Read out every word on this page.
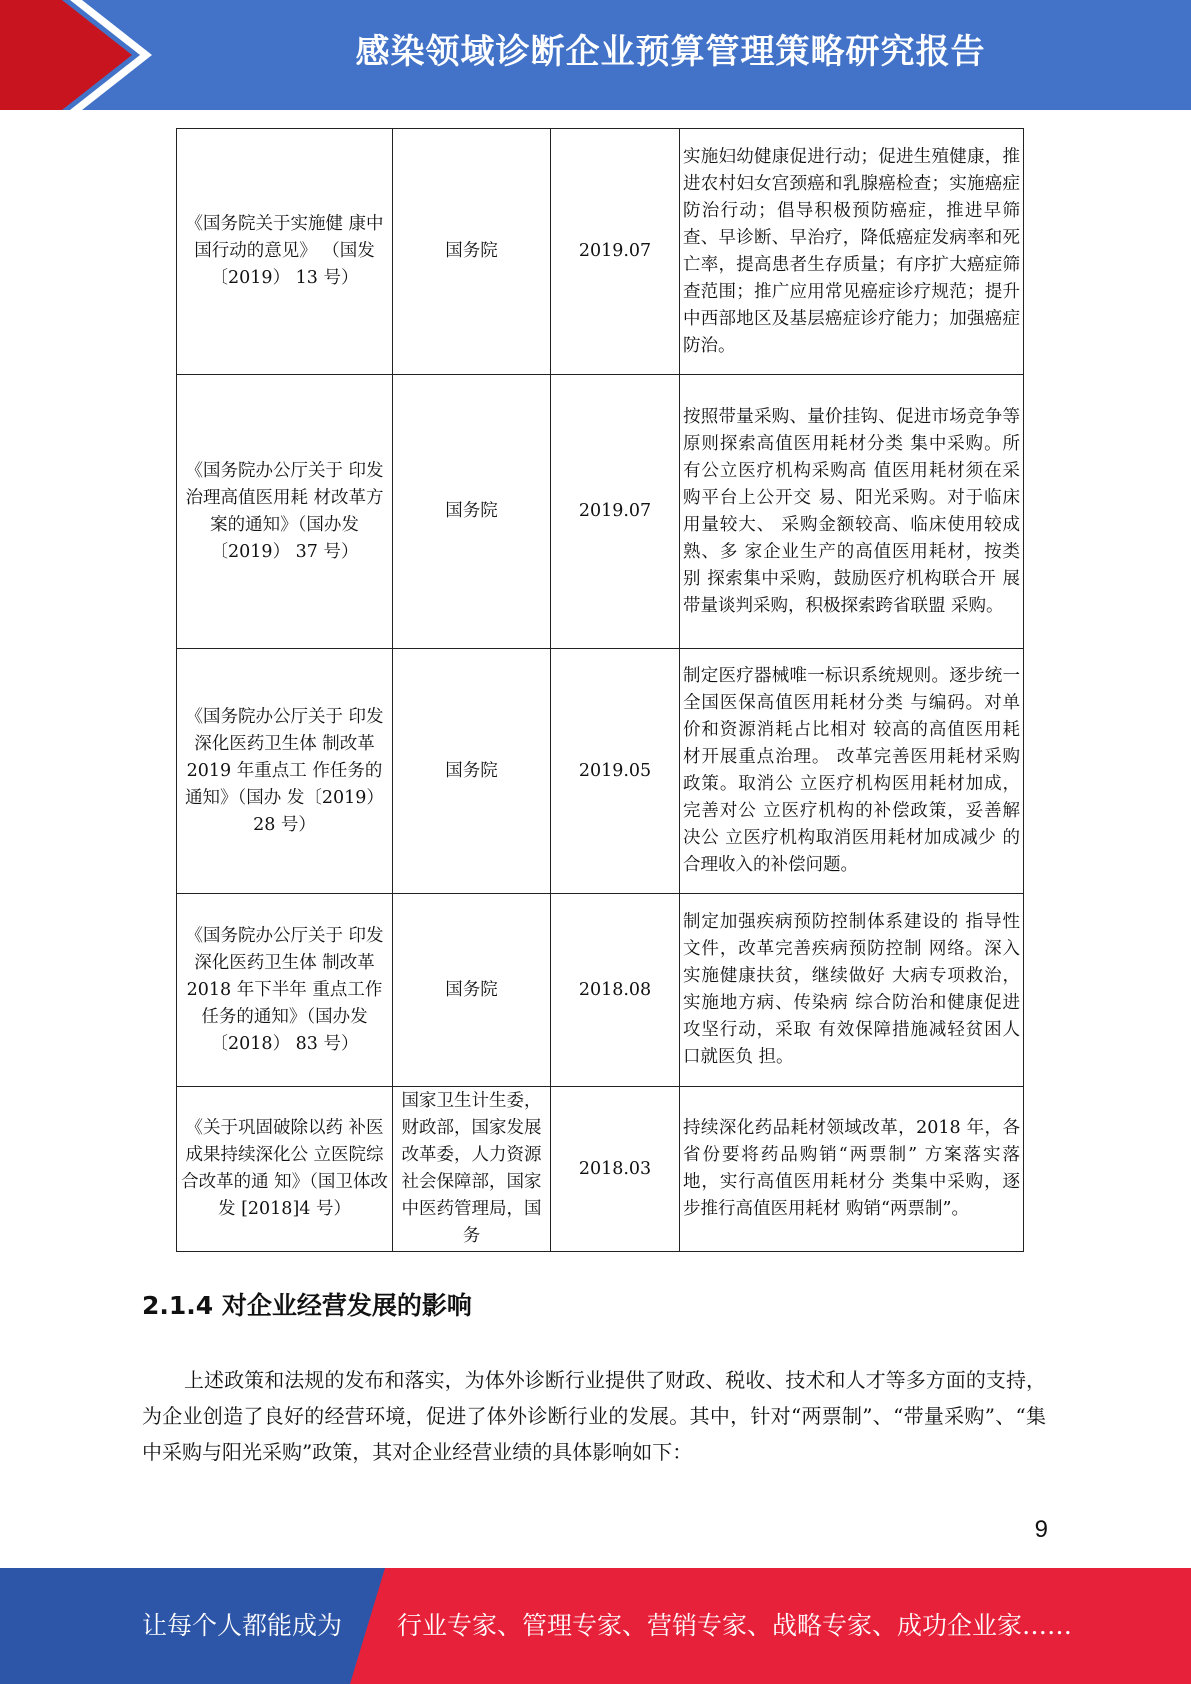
感染领域诊断企业预算管理策略研究报告
《国务院关于实施健 康中国行动的意见》 （国发〔2019） 13 号）	国务院	2019.07	实施妇幼健康促进行动；促进生殖健康，推进农村妇女宫颈癌和乳腺癌检查；实施癌症防治行动；倡导积极预防癌症，推进早筛查、早诊断、早治疗，降低癌症发病率和死亡率，提高患者生存质量；有序扩大癌症筛查范围；推广应用常见癌症诊疗规范；提升中西部地区及基层癌症诊疗能力；加强癌症防治。
《国务院办公厅关于 印发治理高值医用耗 材改革方案的通知》（国办发〔2019） 37 号）	国务院	2019.07	按照带量采购、量价挂钩、促进市场竞争等原则探索高值医用耗材分类 集中采购。所有公立医疗机构采购高 值医用耗材须在采购平台上公开交 易、阳光采购。对于临床用量较大、 采购金额较高、临床使用较成熟、多 家企业生产的高值医用耗材，按类别 探索集中采购，鼓励医疗机构联合开 展带量谈判采购，积极探索跨省联盟 采购。
《国务院办公厅关于 印发深化医药卫生体 制改革 2019 年重点工 作任务的通知》（国办 发〔2019） 28 号）	国务院	2019.05	制定医疗器械唯一标识系统规则。逐步统一全国医保高值医用耗材分类 与编码。对单价和资源消耗占比相对 较高的高值医用耗材开展重点治理。 改革完善医用耗材采购政策。取消公 立医疗机构医用耗材加成，完善对公 立医疗机构的补偿政策，妥善解决公 立医疗机构取消医用耗材加成减少 的合理收入的补偿问题。
《国务院办公厅关于 印发深化医药卫生体 制改革 2018 年下半年 重点工作任务的通知》（国办发〔2018） 83 号）	国务院	2018.08	制定加强疾病预防控制体系建设的 指导性文件，改革完善疾病预防控制 网络。深入实施健康扶贫，继续做好 大病专项救治，实施地方病、传染病 综合防治和健康促进攻坚行动，采取 有效保障措施减轻贫困人口就医负 担。
《关于巩固破除以药 补医成果持续深化公 立医院综合改革的通 知》（国卫体改发 [2018]4 号）	国家卫生计生委，财政部，国家发展改革委，人力资源社会保障部，国家中医药管理局，国务	2018.03	持续深化药品耗材领域改革，2018 年，各省份要将药品购销“两票制” 方案落实落地，实行高值医用耗材分 类集中采购，逐步推行高值医用耗材 购销“两票制”。
2.1.4 对企业经营发展的影响
上述政策和法规的发布和落实，为体外诊断行业提供了财政、税收、技术和人才等多方面的支持，为企业创造了良好的经营环境，促进了体外诊断行业的发展。其中，针对“两票制”、“带量采购”、“集中采购与阳光采购”政策，其对企业经营业绩的具体影响如下：
9
让每个人都能成为 行业专家、管理专家、营销专家、战略专家、成功企业家……
